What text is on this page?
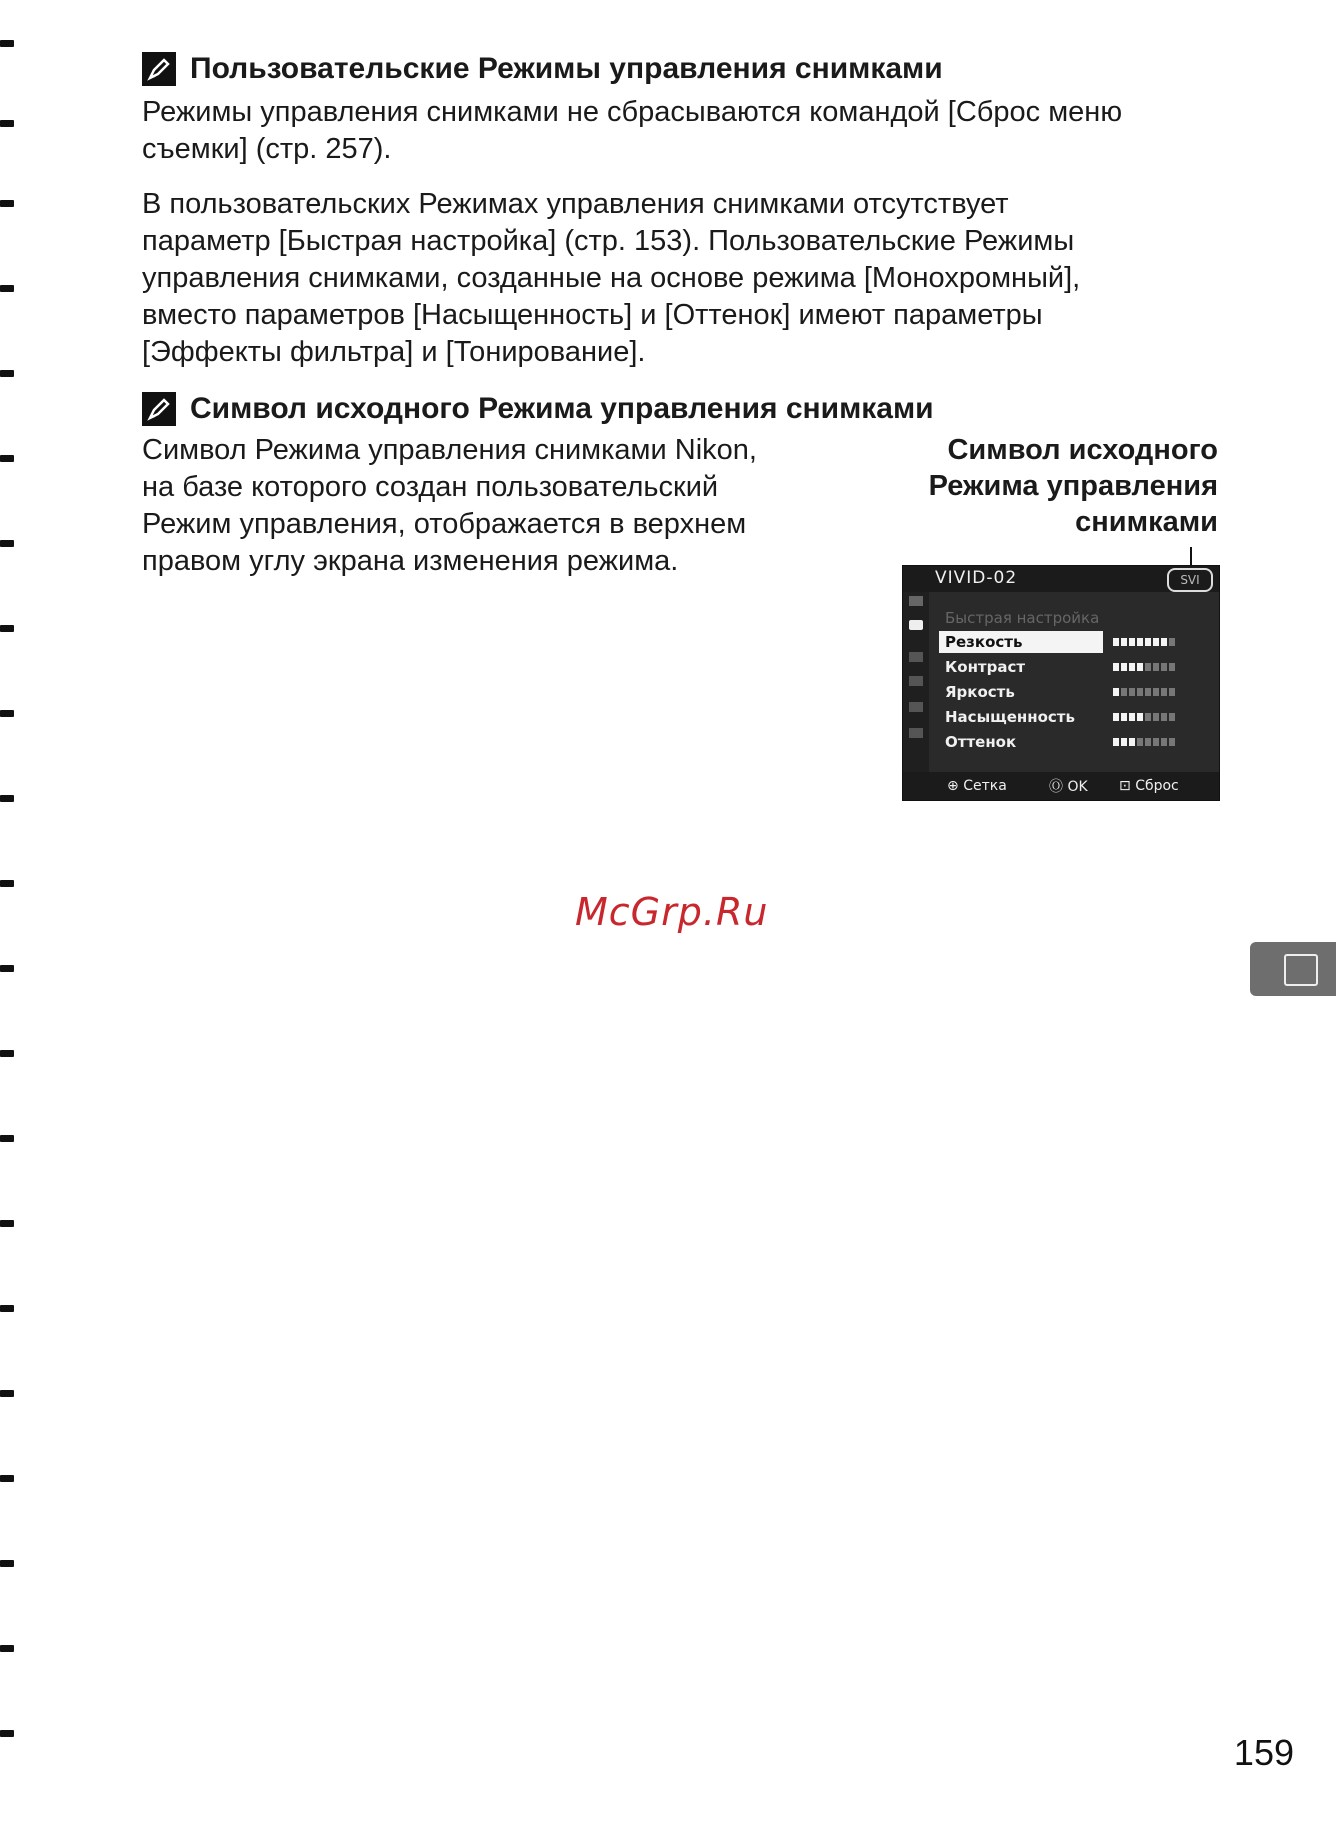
Пользовательские Режимы управления снимками

Режимы управления снимками не сбрасываются командой [Сброс меню

съемки] (стр. 257).

В пользовательских Режимах управления снимками отсутствует

параметр [Быстрая настройка] (стр. 153). Пользовательские Режимы

управления снимками, созданные на основе режима [Монохромный],

вместо параметров [Насыщенность] и [Оттенок] имеют параметры

[Эффекты фильтра] и [Тонирование].

Символ исходного Режима управления снимками

Символ Режима управления снимками Nikon,

на базе которого создан пользовательский

Режим управления, отображается в верхнем

правом углу экрана изменения режима.

Символ исходного
Режима управления
снимками
VIVID-02	SVI
Быстрая настройка
Резкость
Контраст
Яркость
Насыщенность
Оттенок
⊕ Сетка	Ⓞ OK ⊡ Сброс
McGrp.Ru
159
